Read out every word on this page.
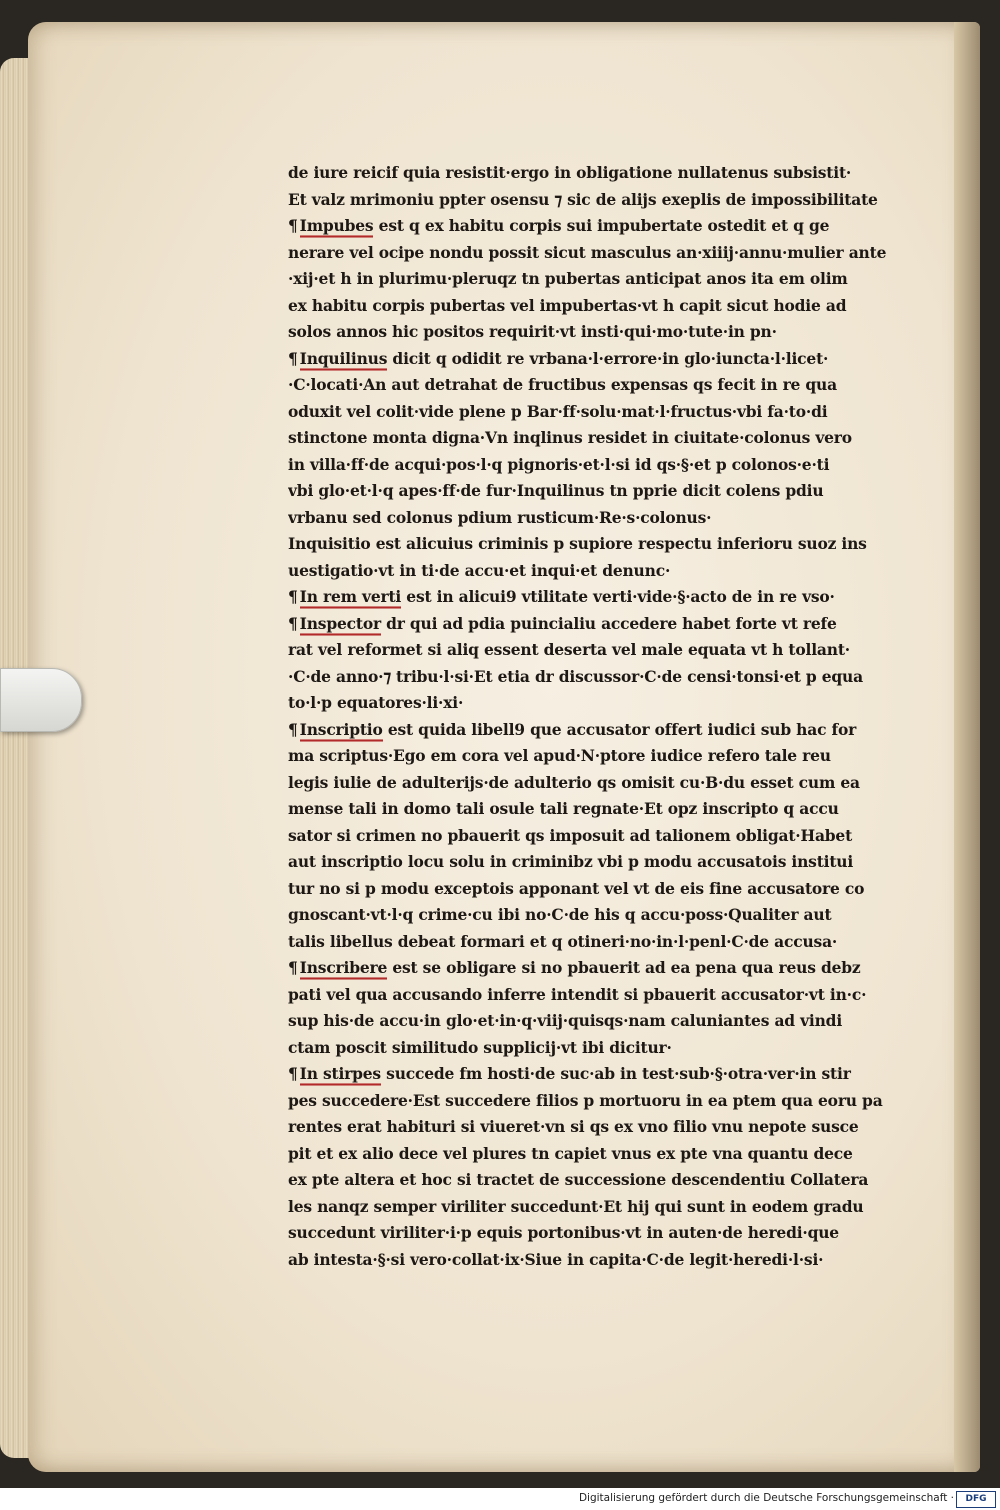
de iure reicif quia resistit·ergo in obligatione nullatenus subsistit·
Et valz mrimoniu ppter osensu ⁊ sic de alijs exeplis de impossibilitate
¶ Impubes est q ex habitu corpis sui impubertate ostedit et q ge
nerare vel ocipe nondu possit sicut masculus an·xiiij·annu·mulier ante
·xij·et h in plurimu·pleruqz tn pubertas anticipat anos ita em olim
ex habitu corpis pubertas vel impubertas·vt h capit sicut hodie ad
solos annos hic positos requirit·vt insti·qui·mo·tute·in pn·
¶ Inquilinus dicit q odidit re vrbana·l·errore·in glo·iuncta·l·licet·
·C·locati·An aut detrahat de fructibus expensas qs fecit in re qua
oduxit vel colit·vide plene p Bar·ff·solu·mat·l·fructus·vbi fa·to·di
stinctone monta digna·Vn inqlinus residet in ciuitate·colonus vero
in villa·ff·de acqui·pos·l·q pignoris·et·l·si id qs·§·et p colonos·e·ti
vbi glo·et·l·q apes·ff·de fur·Inquilinus tn pprie dicit colens pdiu
vrbanu sed colonus pdium rusticum·Re·s·colonus·
Inquisitio est alicuius criminis p supiore respectu inferioru suoz ins
uestigatio·vt in ti·de accu·et inqui·et denunc·
¶ In rem verti est in alicui9 vtilitate verti·vide·§·acto de in re vso·
¶ Inspector dr qui ad pdia puincialiu accedere habet forte vt refe
rat vel reformet si aliq essent deserta vel male equata vt h tollant·
·C·de anno·⁊ tribu·l·si·Et etia dr discussor·C·de censi·tonsi·et p equa
to·l·p equatores·li·xi·
¶ Inscriptio est quida libell9 que accusator offert iudici sub hac for
ma scriptus·Ego em cora vel apud·N·ptore iudice refero tale reu
legis iulie de adulterijs·de adulterio qs omisit cu·B·du esset cum ea
mense tali in domo tali osule tali regnate·Et opz inscripto q accu
sator si crimen no pbauerit qs imposuit ad talionem obligat·Habet
aut inscriptio locu solu in criminibz vbi p modu accusatois institui
tur no si p modu exceptois apponant vel vt de eis fine accusatore co
gnoscant·vt·l·q crime·cu ibi no·C·de his q accu·poss·Qualiter aut
talis libellus debeat formari et q otineri·no·in·l·penl·C·de accusa·
¶ Inscribere est se obligare si no pbauerit ad ea pena qua reus debz
pati vel qua accusando inferre intendit si pbauerit accusator·vt in·c·
sup his·de accu·in glo·et·in·q·viij·quisqs·nam caluniantes ad vindi
ctam poscit similitudo supplicij·vt ibi dicitur·
¶ In stirpes succede fm hosti·de suc·ab in test·sub·§·otra·ver·in stir
pes succedere·Est succedere filios p mortuoru in ea ptem qua eoru pa
rentes erat habituri si viueret·vn si qs ex vno filio vnu nepote susce
pit et ex alio dece vel plures tn capiet vnus ex pte vna quantu dece
ex pte altera et hoc si tractet de successione descendentiu Collatera
les nanqz semper viriliter succedunt·Et hij qui sunt in eodem gradu
succedunt viriliter·i·p equis portonibus·vt in auten·de heredi·que
ab intesta·§·si vero·collat·ix·Siue in capita·C·de legit·heredi·l·si·
Digitalisierung gefördert durch die Deutsche Forschungsgemeinschaft ·	DFG
